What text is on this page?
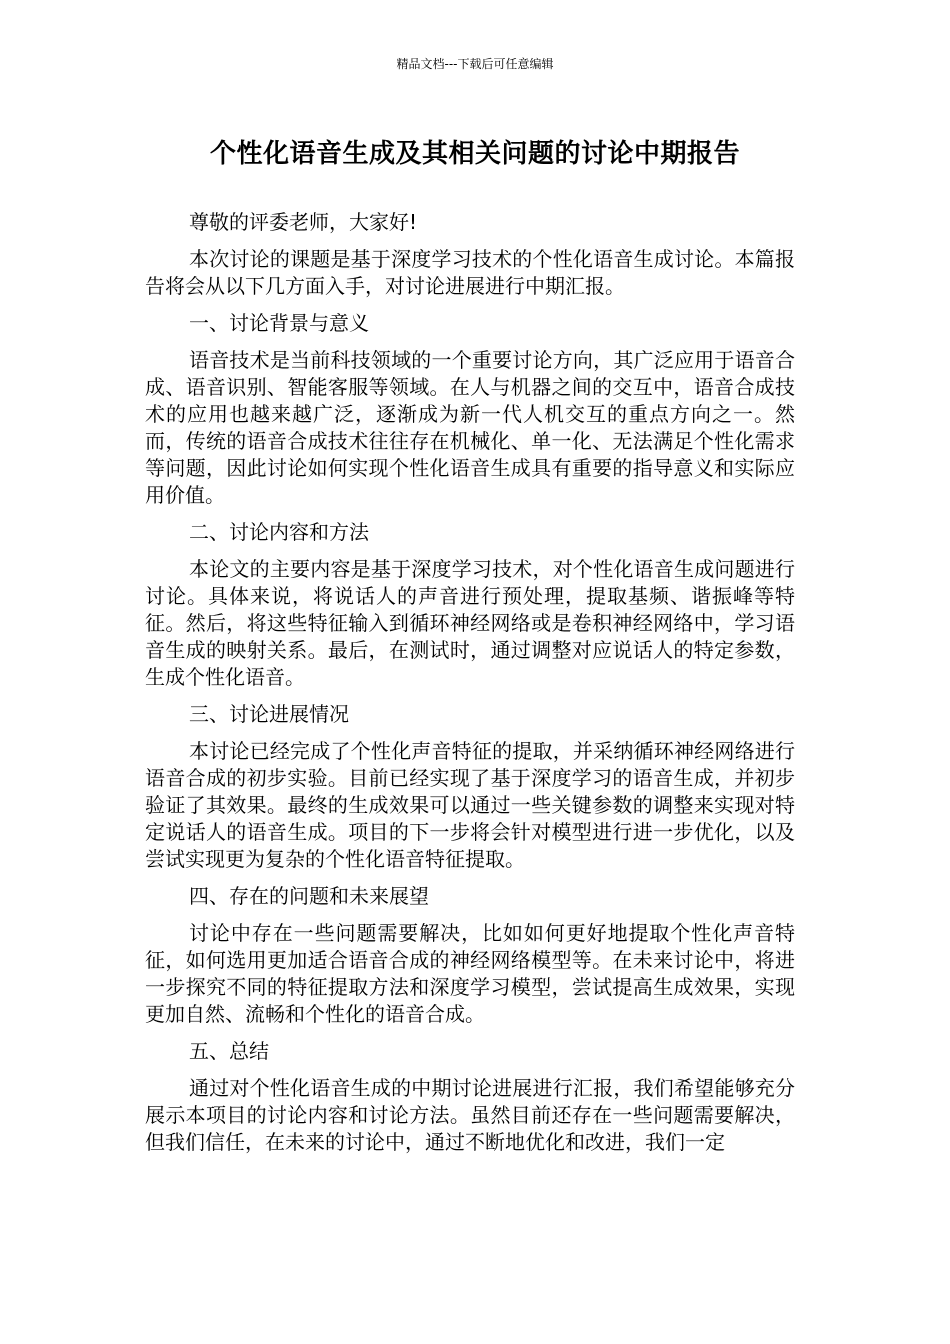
精品文档---下载后可任意编辑
个性化语音生成及其相关问题的讨论中期报告

尊敬的评委老师，大家好!

本次讨论的课题是基于深度学习技术的个性化语音生成讨论。本篇报告将会从以下几方面入手，对讨论进展进行中期汇报。

一、讨论背景与意义

语音技术是当前科技领域的一个重要讨论方向，其广泛应用于语音合成、语音识别、智能客服等领域。在人与机器之间的交互中，语音合成技术的应用也越来越广泛，逐渐成为新一代人机交互的重点方向之一。然而，传统的语音合成技术往往存在机械化、单一化、无法满足个性化需求等问题，因此讨论如何实现个性化语音生成具有重要的指导意义和实际应用价值。

二、讨论内容和方法

本论文的主要内容是基于深度学习技术，对个性化语音生成问题进行讨论。具体来说，将说话人的声音进行预处理，提取基频、谐振峰等特征。然后，将这些特征输入到循环神经网络或是卷积神经网络中，学习语音生成的映射关系。最后，在测试时，通过调整对应说话人的特定参数，生成个性化语音。

三、讨论进展情况

本讨论已经完成了个性化声音特征的提取，并采纳循环神经网络进行语音合成的初步实验。目前已经实现了基于深度学习的语音生成，并初步验证了其效果。最终的生成效果可以通过一些关键参数的调整来实现对特定说话人的语音生成。项目的下一步将会针对模型进行进一步优化，以及尝试实现更为复杂的个性化语音特征提取。

四、存在的问题和未来展望

讨论中存在一些问题需要解决，比如如何更好地提取个性化声音特征，如何选用更加适合语音合成的神经网络模型等。在未来讨论中，将进一步探究不同的特征提取方法和深度学习模型，尝试提高生成效果，实现更加自然、流畅和个性化的语音合成。

五、总结

通过对个性化语音生成的中期讨论进展进行汇报，我们希望能够充分展示本项目的讨论内容和讨论方法。虽然目前还存在一些问题需要解决，但我们信任，在未来的讨论中，通过不断地优化和改进，我们一定
